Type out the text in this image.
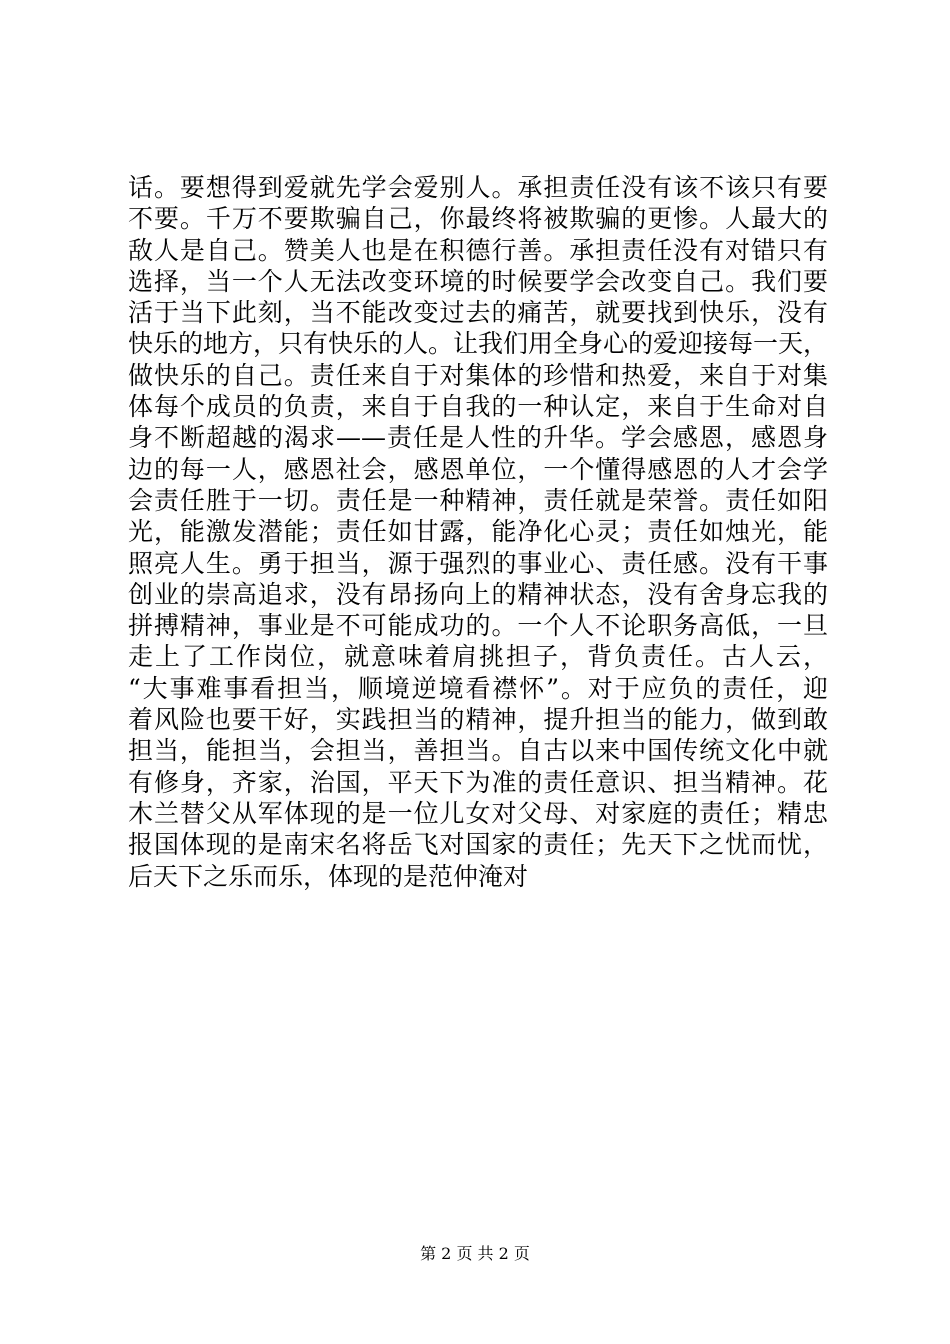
话。要想得到爱就先学会爱别人。承担责任没有该不该只有要
不要。千万不要欺骗自己，你最终将被欺骗的更惨。人最大的
敌人是自己。赞美人也是在积德行善。承担责任没有对错只有
选择，当一个人无法改变环境的时候要学会改变自己。我们要
活于当下此刻，当不能改变过去的痛苦，就要找到快乐，没有
快乐的地方，只有快乐的人。让我们用全身心的爱迎接每一天，
做快乐的自己。责任来自于对集体的珍惜和热爱，来自于对集
体每个成员的负责，来自于自我的一种认定，来自于生命对自
身不断超越的渴求——责任是人性的升华。学会感恩，感恩身
边的每一人，感恩社会，感恩单位，一个懂得感恩的人才会学
会责任胜于一切。责任是一种精神，责任就是荣誉。责任如阳
光，能激发潜能；责任如甘露，能净化心灵；责任如烛光，能
照亮人生。勇于担当，源于强烈的事业心、责任感。没有干事
创业的崇高追求，没有昂扬向上的精神状态，没有舍身忘我的
拼搏精神，事业是不可能成功的。一个人不论职务高低，一旦
走上了工作岗位，就意味着肩挑担子，背负责任。古人云，
“大事难事看担当，顺境逆境看襟怀”。对于应负的责任，迎
着风险也要干好，实践担当的精神，提升担当的能力，做到敢
担当，能担当，会担当，善担当。自古以来中国传统文化中就
有修身，齐家，治国，平天下为准的责任意识、担当精神。花
木兰替父从军体现的是一位儿女对父母、对家庭的责任；精忠
报国体现的是南宋名将岳飞对国家的责任；先天下之忧而忧，
后天下之乐而乐，体现的是范仲淹对
第 2 页 共 2 页
